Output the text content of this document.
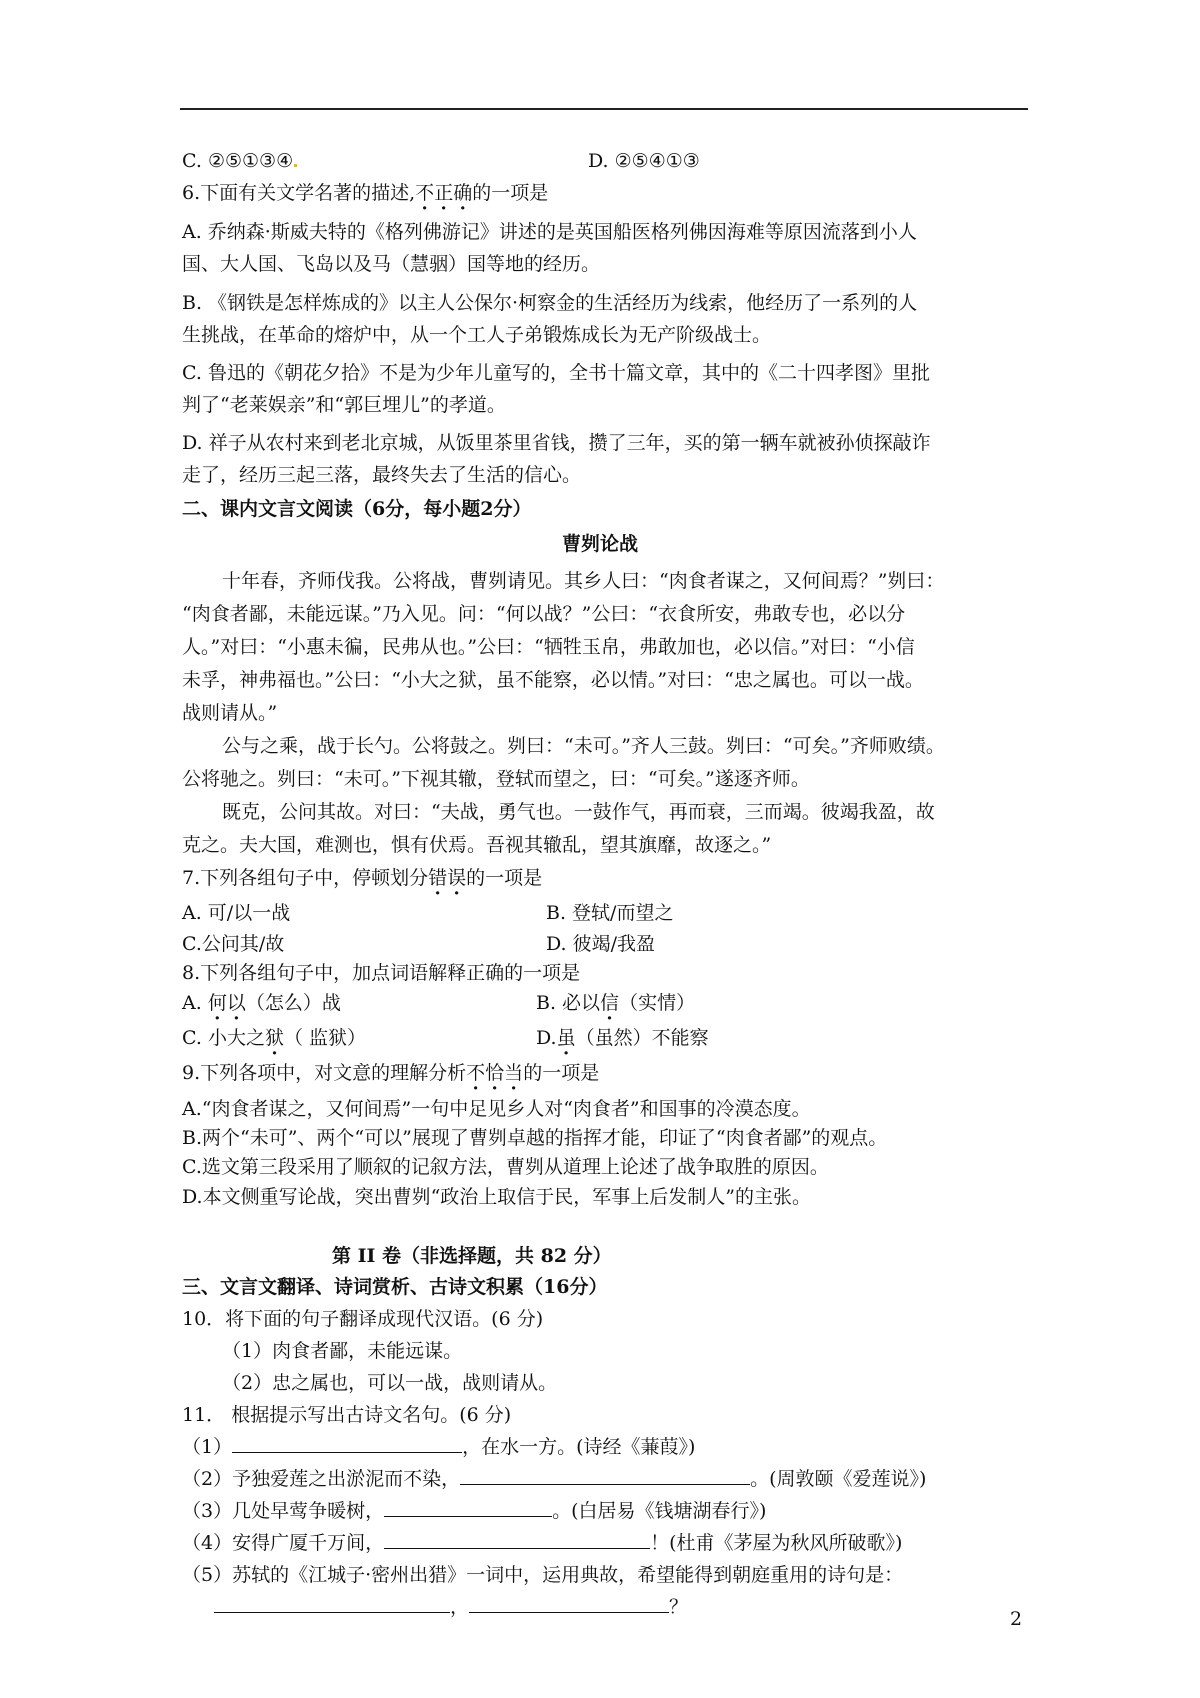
C. ②⑤①③④	D. ②⑤④①③
6.下面有关文学名著的描述,不正确的一项是
A. 乔纳森·斯威夫特的《格列佛游记》讲述的是英国船医格列佛因海难等原因流落到小人
国、大人国、飞岛以及马（慧骃）国等地的经历。
B. 《钢铁是怎样炼成的》以主人公保尔·柯察金的生活经历为线索，他经历了一系列的人
生挑战，在革命的熔炉中，从一个工人子弟锻炼成长为无产阶级战士。
C. 鲁迅的《朝花夕拾》不是为少年儿童写的，全书十篇文章，其中的《二十四孝图》里批
判了“老莱娱亲”和“郭巨埋儿”的孝道。
D. 祥子从农村来到老北京城，从饭里茶里省钱，攒了三年，买的第一辆车就被孙侦探敲诈
走了，经历三起三落，最终失去了生活的信心。
二、课内文言文阅读（6分，每小题2分）
曹刿论战
十年春，齐师伐我。公将战，曹刿请见。其乡人曰：“肉食者谋之，又何间焉？”刿曰：
“肉食者鄙，未能远谋。”乃入见。问：“何以战？”公曰：“衣食所安，弗敢专也，必以分
人。”对曰：“小惠未徧，民弗从也。”公曰：“牺牲玉帛，弗敢加也，必以信。”对曰：“小信
未孚，神弗福也。”公曰：“小大之狱，虽不能察，必以情。”对曰：“忠之属也。可以一战。
战则请从。”
公与之乘，战于长勺。公将鼓之。刿曰：“未可。”齐人三鼓。刿曰：“可矣。”齐师败绩。
公将驰之。刿曰：“未可。”下视其辙，登轼而望之，曰：“可矣。”遂逐齐师。
既克，公问其故。对曰：“夫战，勇气也。一鼓作气，再而衰，三而竭。彼竭我盈，故
克之。夫大国，难测也，惧有伏焉。吾视其辙乱，望其旗靡，故逐之。”
7.下列各组句子中，停顿划分错误的一项是
A. 可/以一战	B. 登轼/而望之
C.公问其/故	D. 彼竭/我盈
8.下列各组句子中，加点词语解释正确的一项是
A. 何以（怎么）战	B. 必以信（实情）
C. 小大之狱（ 监狱）	D.虽（虽然）不能察
9.下列各项中，对文意的理解分析不恰当的一项是
A.“肉食者谋之，又何间焉”一句中足见乡人对“肉食者”和国事的冷漠态度。
B.两个“未可”、两个“可以”展现了曹刿卓越的指挥才能，印证了“肉食者鄙”的观点。
C.选文第三段采用了顺叙的记叙方法，曹刿从道理上论述了战争取胜的原因。
D.本文侧重写论战，突出曹刿“政治上取信于民，军事上后发制人”的主张。
第 II 卷（非选择题，共 82 分）
三、文言文翻译、诗词赏析、古诗文积累（16分）
10．将下面的句子翻译成现代汉语。(6 分)
（1）肉食者鄙，未能远谋。
（2）忠之属也，可以一战，战则请从。
11． 根据提示写出古诗文名句。(6 分)
（1）	，在水一方。(诗经《蒹葭》)
（2）予独爱莲之出淤泥而不染，	。(周敦颐《爱莲说》)
（3）几处早莺争暖树，	。(白居易《钱塘湖春行》)
（4）安得广厦千万间，	！(杜甫《茅屋为秋风所破歌》)
（5）苏轼的《江城子·密州出猎》一词中，运用典故，希望能得到朝庭重用的诗句是：
，	？
2
